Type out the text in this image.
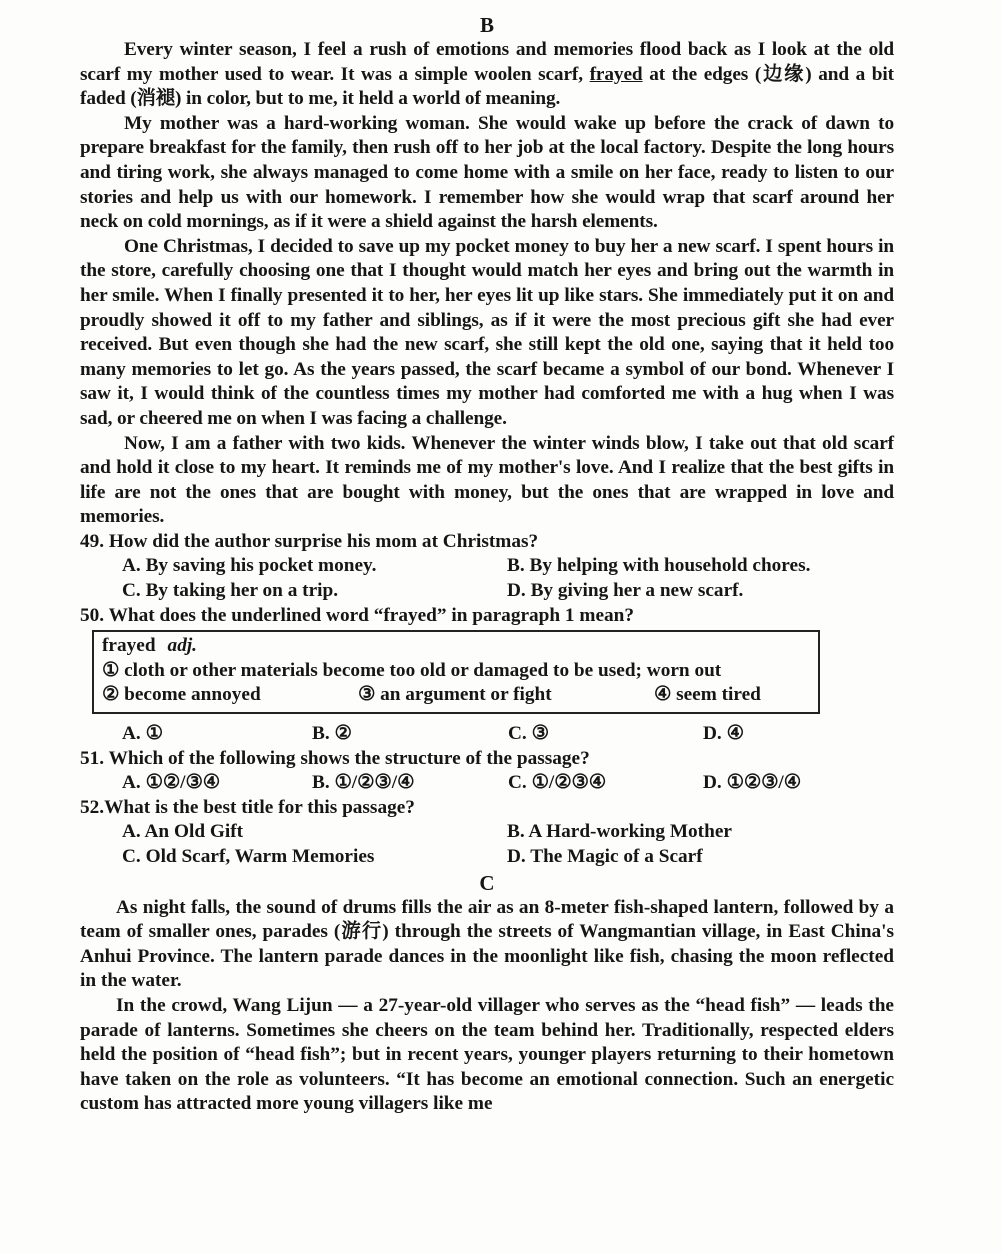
B

Every winter season, I feel a rush of emotions and memories flood back as I look at the old scarf my mother used to wear. It was a simple woolen scarf, frayed at the edges (边缘) and a bit faded (消褪) in color, but to me, it held a world of meaning.

My mother was a hard-working woman. She would wake up before the crack of dawn to prepare breakfast for the family, then rush off to her job at the local factory. Despite the long hours and tiring work, she always managed to come home with a smile on her face, ready to listen to our stories and help us with our homework. I remember how she would wrap that scarf around her neck on cold mornings, as if it were a shield against the harsh elements.

One Christmas, I decided to save up my pocket money to buy her a new scarf. I spent hours in the store, carefully choosing one that I thought would match her eyes and bring out the warmth in her smile. When I finally presented it to her, her eyes lit up like stars. She immediately put it on and proudly showed it off to my father and siblings, as if it were the most precious gift she had ever received. But even though she had the new scarf, she still kept the old one, saying that it held too many memories to let go. As the years passed, the scarf became a symbol of our bond. Whenever I saw it, I would think of the countless times my mother had comforted me with a hug when I was sad, or cheered me on when I was facing a challenge.

Now, I am a father with two kids. Whenever the winter winds blow, I take out that old scarf and hold it close to my heart. It reminds me of my mother's love. And I realize that the best gifts in life are not the ones that are bought with money, but the ones that are wrapped in love and memories.

49. How did the author surprise his mom at Christmas?
A. By saving his pocket money.	B. By helping with household chores.
C. By taking her on a trip.	D. By giving her a new scarf.
50. What does the underlined word “frayed” in paragraph 1 mean?
frayed adj.
① cloth or other materials become too old or damaged to be used; worn out
② become annoyed	③ an argument or fight	④ seem tired
A. ①	B. ②	C. ③	D. ④
51. Which of the following shows the structure of the passage?
A. ①②/③④	B. ①/②③/④	C. ①/②③④	D. ①②③/④
52.What is the best title for this passage?
A. An Old Gift	B. A Hard-working Mother
C. Old Scarf, Warm Memories	D. The Magic of a Scarf
C

As night falls, the sound of drums fills the air as an 8-meter fish-shaped lantern, followed by a team of smaller ones, parades (游行) through the streets of Wangmantian village, in East China's Anhui Province. The lantern parade dances in the moonlight like fish, chasing the moon reflected in the water.

In the crowd, Wang Lijun — a 27-year-old villager who serves as the “head fish” — leads the parade of lanterns. Sometimes she cheers on the team behind her. Traditionally, respected elders held the position of “head fish”; but in recent years, younger players returning to their hometown have taken on the role as volunteers. “It has become an emotional connection. Such an energetic custom has attracted more young villagers like me
